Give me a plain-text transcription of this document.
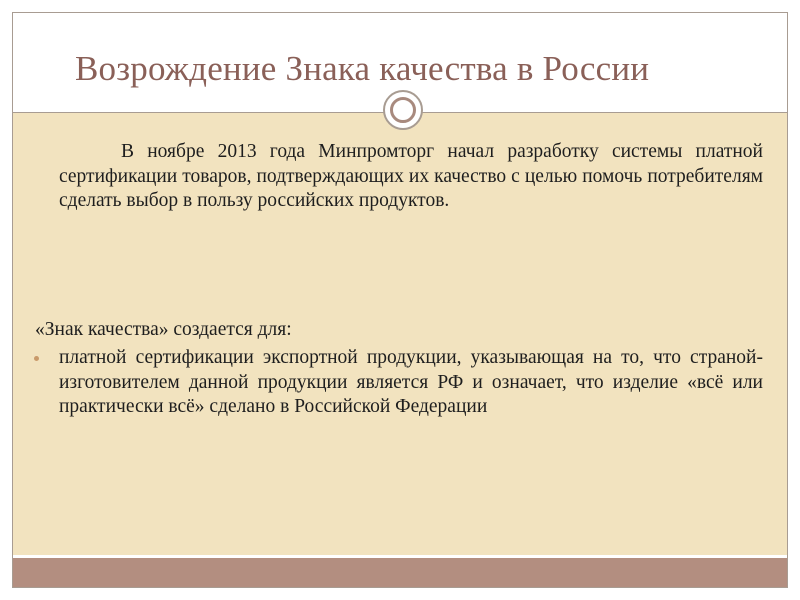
Возрождение Знака качества в России

В ноябре 2013 года Минпромторг начал разработку системы платной сертификации товаров, подтверждающих их качество с целью помочь потребителям сделать выбор в пользу российских продуктов.

«Знак качества» создается для:

платной сертификации экспортной продукции, указывающая на то, что страной-изготовителем данной продукции является РФ и означает, что изделие «всё или практически всё» сделано в Российской Федерации
